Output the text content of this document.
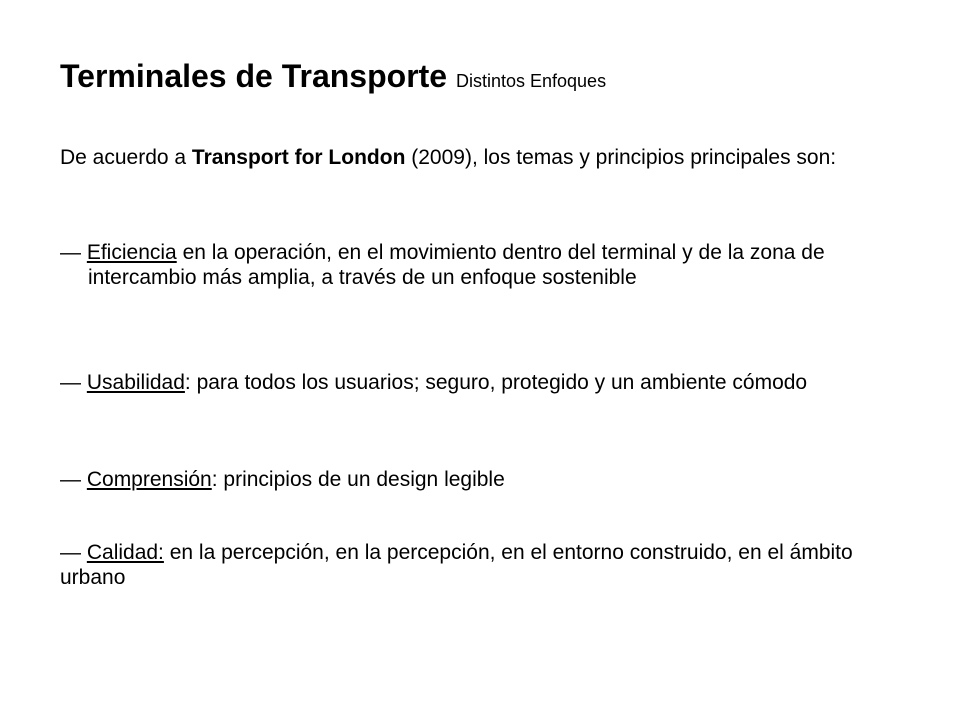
Terminales de Transporte Distintos Enfoques

De acuerdo a Transport for London (2009), los temas y principios principales son:

— Eficiencia en la operación, en el movimiento dentro del terminal y de la zona de intercambio más amplia, a través de un enfoque sostenible

— Usabilidad: para todos los usuarios; seguro, protegido y un ambiente cómodo

— Comprensión: principios de un design legible

— Calidad: en la percepción, en la percepción, en el entorno construido, en el ámbito urbano
